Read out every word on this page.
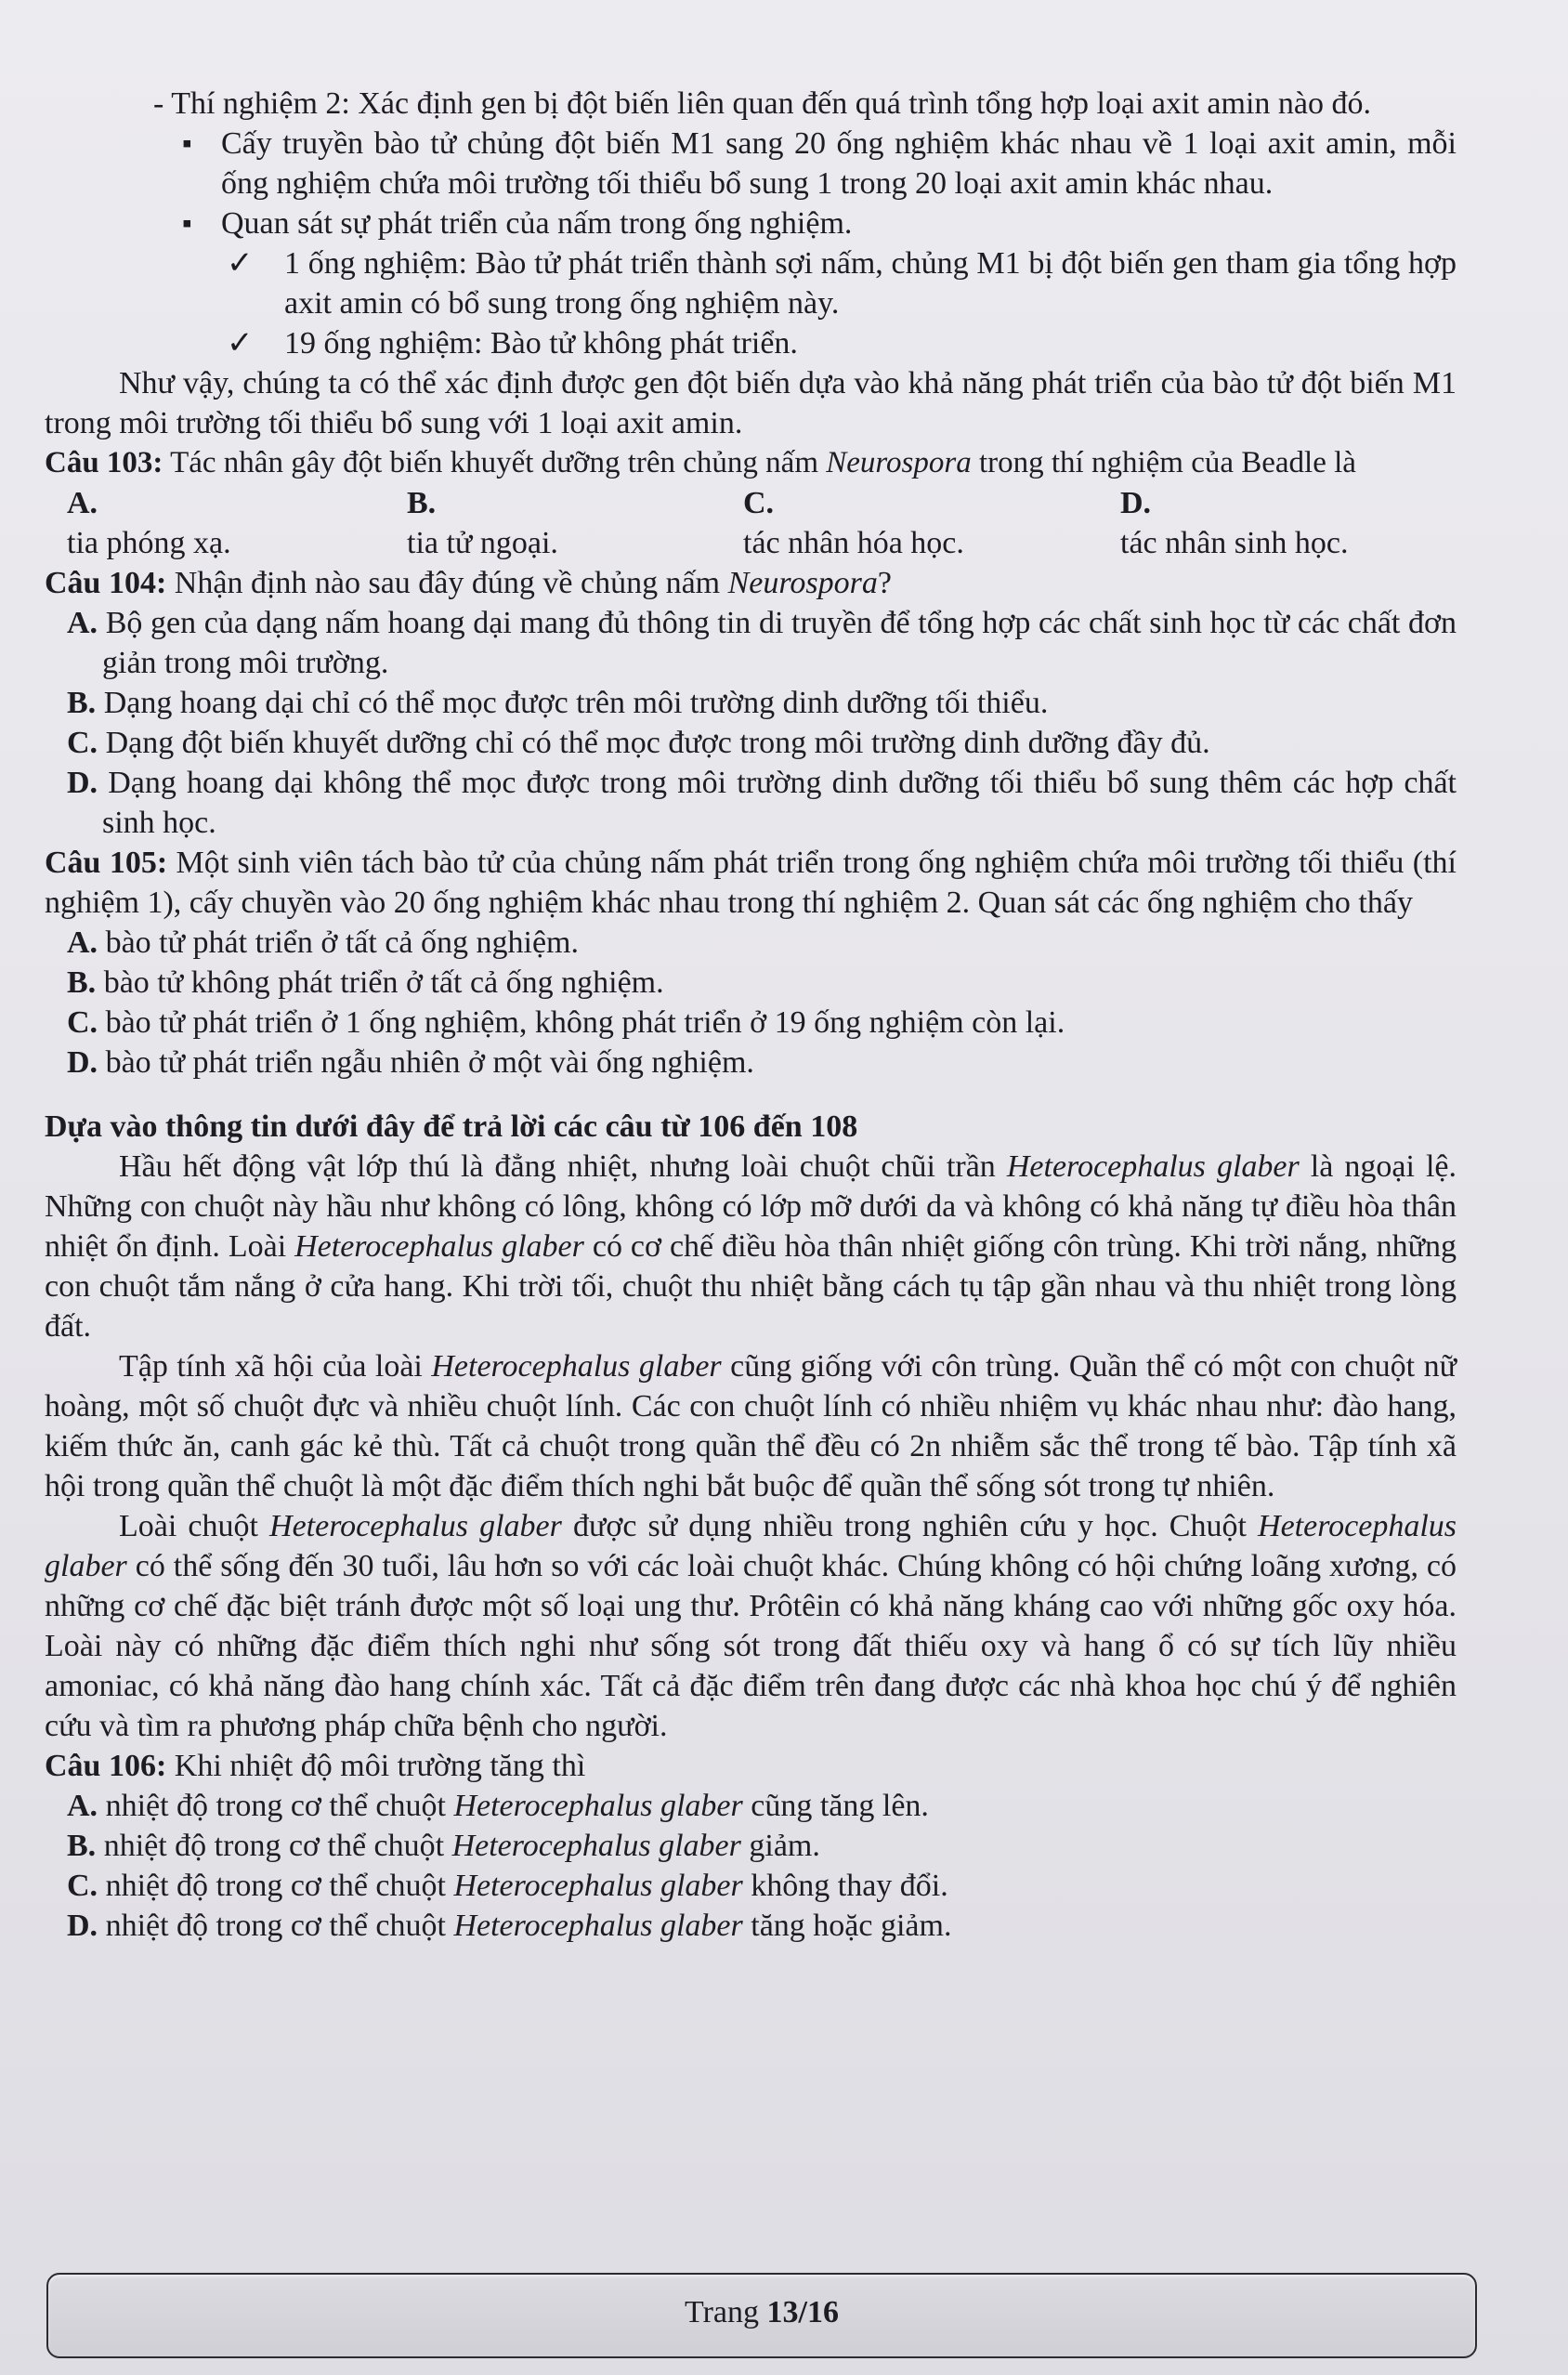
- Thí nghiệm 2: Xác định gen bị đột biến liên quan đến quá trình tổng hợp loại axit amin nào đó.
▪ Cấy truyền bào tử chủng đột biến M1 sang 20 ống nghiệm khác nhau về 1 loại axit amin, mỗi ống nghiệm chứa môi trường tối thiểu bổ sung 1 trong 20 loại axit amin khác nhau.
▪ Quan sát sự phát triển của nấm trong ống nghiệm.
✓ 1 ống nghiệm: Bào tử phát triển thành sợi nấm, chủng M1 bị đột biến gen tham gia tổng hợp axit amin có bổ sung trong ống nghiệm này.
✓ 19 ống nghiệm: Bào tử không phát triển.
Như vậy, chúng ta có thể xác định được gen đột biến dựa vào khả năng phát triển của bào tử đột biến M1 trong môi trường tối thiểu bổ sung với 1 loại axit amin.
Câu 103: Tác nhân gây đột biến khuyết dưỡng trên chủng nấm Neurospora trong thí nghiệm của Beadle là
A.
tia phóng xạ.
B.
tia tử ngoại.
C.
tác nhân hóa học.
D.
tác nhân sinh học.
Câu 104: Nhận định nào sau đây đúng về chủng nấm Neurospora?
A. Bộ gen của dạng nấm hoang dại mang đủ thông tin di truyền để tổng hợp các chất sinh học từ các chất đơn giản trong môi trường.
B. Dạng hoang dại chỉ có thể mọc được trên môi trường dinh dưỡng tối thiểu.
C. Dạng đột biến khuyết dưỡng chỉ có thể mọc được trong môi trường dinh dưỡng đầy đủ.
D. Dạng hoang dại không thể mọc được trong môi trường dinh dưỡng tối thiểu bổ sung thêm các hợp chất sinh học.
Câu 105: Một sinh viên tách bào tử của chủng nấm phát triển trong ống nghiệm chứa môi trường tối thiểu (thí nghiệm 1), cấy chuyền vào 20 ống nghiệm khác nhau trong thí nghiệm 2. Quan sát các ống nghiệm cho thấy
A. bào tử phát triển ở tất cả ống nghiệm.
B. bào tử không phát triển ở tất cả ống nghiệm.
C. bào tử phát triển ở 1 ống nghiệm, không phát triển ở 19 ống nghiệm còn lại.
D. bào tử phát triển ngẫu nhiên ở một vài ống nghiệm.
Dựa vào thông tin dưới đây để trả lời các câu từ 106 đến 108
Hầu hết động vật lớp thú là đẳng nhiệt, nhưng loài chuột chũi trần Heterocephalus glaber là ngoại lệ. Những con chuột này hầu như không có lông, không có lớp mỡ dưới da và không có khả năng tự điều hòa thân nhiệt ổn định. Loài Heterocephalus glaber có cơ chế điều hòa thân nhiệt giống côn trùng. Khi trời nắng, những con chuột tắm nắng ở cửa hang. Khi trời tối, chuột thu nhiệt bằng cách tụ tập gần nhau và thu nhiệt trong lòng đất.
Tập tính xã hội của loài Heterocephalus glaber cũng giống với côn trùng. Quần thể có một con chuột nữ hoàng, một số chuột đực và nhiều chuột lính. Các con chuột lính có nhiều nhiệm vụ khác nhau như: đào hang, kiếm thức ăn, canh gác kẻ thù. Tất cả chuột trong quần thể đều có 2n nhiễm sắc thể trong tế bào. Tập tính xã hội trong quần thể chuột là một đặc điểm thích nghi bắt buộc để quần thể sống sót trong tự nhiên.
Loài chuột Heterocephalus glaber được sử dụng nhiều trong nghiên cứu y học. Chuột Heterocephalus glaber có thể sống đến 30 tuổi, lâu hơn so với các loài chuột khác. Chúng không có hội chứng loãng xương, có những cơ chế đặc biệt tránh được một số loại ung thư. Prôtêin có khả năng kháng cao với những gốc oxy hóa. Loài này có những đặc điểm thích nghi như sống sót trong đất thiếu oxy và hang ổ có sự tích lũy nhiều amoniac, có khả năng đào hang chính xác. Tất cả đặc điểm trên đang được các nhà khoa học chú ý để nghiên cứu và tìm ra phương pháp chữa bệnh cho người.
Câu 106: Khi nhiệt độ môi trường tăng thì
A. nhiệt độ trong cơ thể chuột Heterocephalus glaber cũng tăng lên.
B. nhiệt độ trong cơ thể chuột Heterocephalus glaber giảm.
C. nhiệt độ trong cơ thể chuột Heterocephalus glaber không thay đổi.
D. nhiệt độ trong cơ thể chuột Heterocephalus glaber tăng hoặc giảm.
Trang 13/16
